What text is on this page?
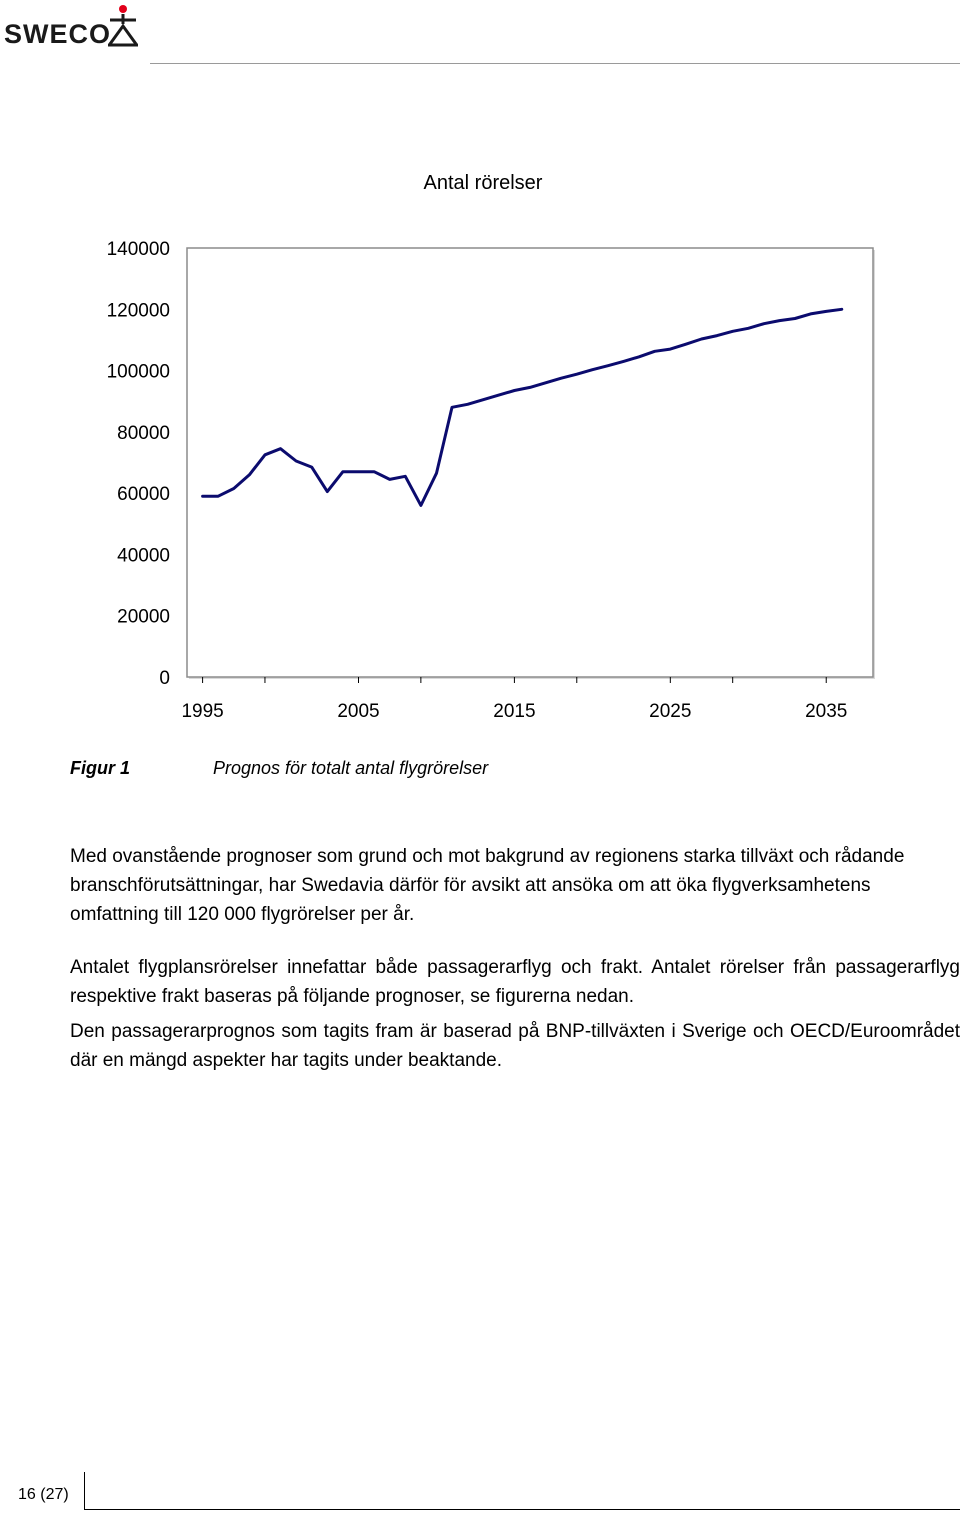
SWECO
Antal rörelser
0
20000
40000
60000
80000
100000
120000
140000
1995	2005	2015	2025	2035
Figur 1	Prognos för totalt antal flygrörelser

Med ovanstående prognoser som grund och mot bakgrund av regionens starka tillväxt och rådande branschförutsättningar, har Swedavia därför för avsikt att ansöka om att öka flygverksamhetens omfattning till 120 000 flygrörelser per år.

Antalet flygplansrörelser innefattar både passagerarflyg och frakt. Antalet rörelser från passagerarflyg respektive frakt baseras på följande prognoser, se figurerna nedan.

Den passagerarprognos som tagits fram är baserad på BNP-tillväxten i Sverige och OECD/Euroområdet där en mängd aspekter har tagits under beaktande.

16 (27)
